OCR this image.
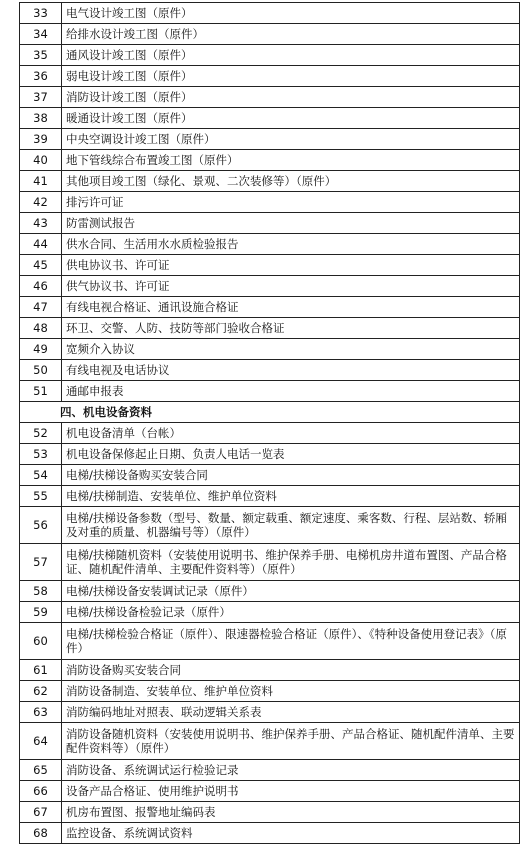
33	电气设计竣工图（原件）
34	给排水设计竣工图（原件）
35	通风设计竣工图（原件）
36	弱电设计竣工图（原件）
37	消防设计竣工图（原件）
38	暖通设计竣工图（原件）
39	中央空调设计竣工图（原件）
40	地下管线综合布置竣工图（原件）
41	其他项目竣工图（绿化、景观、二次装修等）（原件）
42	排污许可证
43	防雷测试报告
44	供水合同、生活用水水质检验报告
45	供电协议书、许可证
46	供气协议书、许可证
47	有线电视合格证、通讯设施合格证
48	环卫、交警、人防、技防等部门验收合格证
49	宽频介入协议
50	有线电视及电话协议
51	通邮申报表
四、机电设备资料	
52	机电设备清单（台帐）
53	机电设备保修起止日期、负责人电话一览表
54	电梯/扶梯设备购买安装合同
55	电梯/扶梯制造、安装单位、维护单位资料
56	电梯/扶梯设备参数（型号、数量、额定载重、额定速度、乘客数、行程、层站数、轿厢及对重的质量、机器编号等）（原件）

57	电梯/扶梯随机资料（安装使用说明书、维护保养手册、电梯机房井道布置图、产品合格证、随机配件清单、主要配件资料等）（原件）

58	电梯/扶梯设备安装调试记录（原件）
59	电梯/扶梯设备检验记录（原件）
60	电梯/扶梯检验合格证（原件）、限速器检验合格证（原件）、《特种设备使用登记表》（原件）

61	消防设备购买安装合同
62	消防设备制造、安装单位、维护单位资料
63	消防编码地址对照表、联动逻辑关系表
64	消防设备随机资料（安装使用说明书、维护保养手册、产品合格证、随机配件清单、主要配件资料等）（原件）

65	消防设备、系统调试运行检验记录
66	设备产品合格证、使用维护说明书
67	机房布置图、报警地址编码表
68	监控设备、系统调试资料
